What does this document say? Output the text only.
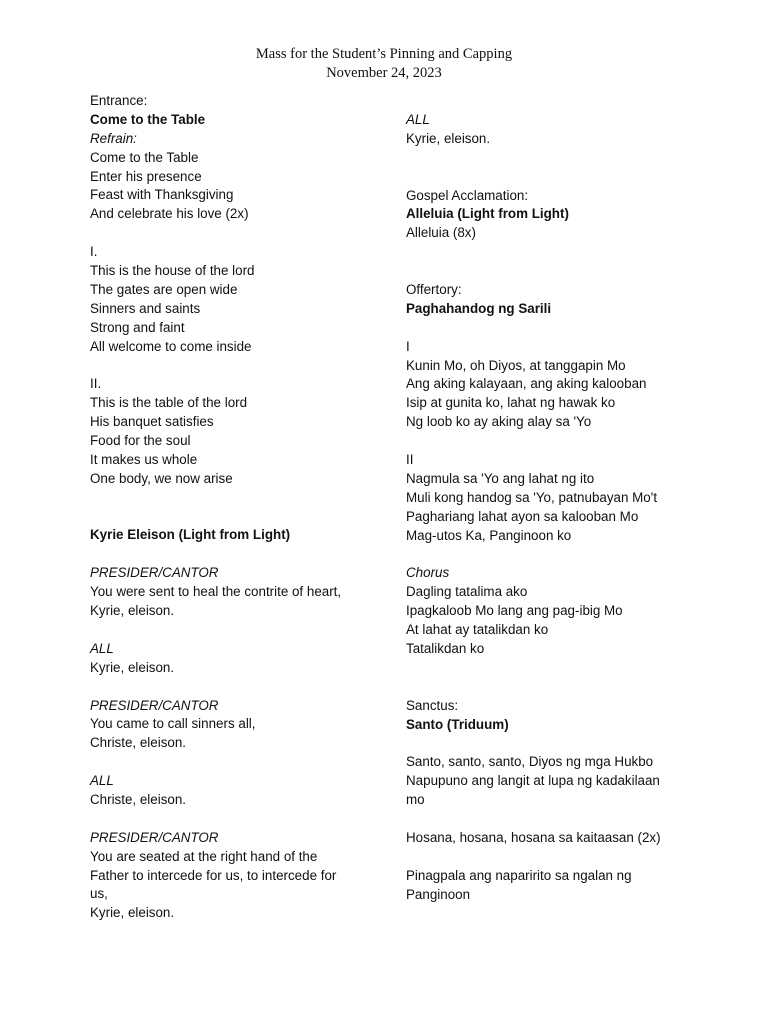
Mass for the Student’s Pinning and Capping
November 24, 2023
Entrance:
Come to the Table
Refrain:
Come to the Table
Enter his presence
Feast with Thanksgiving
And celebrate his love (2x)
I.
This is the house of the lord
The gates are open wide
Sinners and saints
Strong and faint
All welcome to come inside
II.
This is the table of the lord
His banquet satisfies
Food for the soul
It makes us whole
One body, we now arise
Kyrie Eleison (Light from Light)
PRESIDER/CANTOR
You were sent to heal the contrite of heart,
Kyrie, eleison.
ALL
Kyrie, eleison.
PRESIDER/CANTOR
You came to call sinners all,
Christe, eleison.
ALL
Christe, eleison.
PRESIDER/CANTOR
You are seated at the right hand of the
Father to intercede for us, to intercede for
us,
Kyrie, eleison.
ALL
Kyrie, eleison.
Gospel Acclamation:
Alleluia (Light from Light)
Alleluia (8x)
Offertory:
Paghahandog ng Sarili
I
Kunin Mo, oh Diyos, at tanggapin Mo
Ang aking kalayaan, ang aking kalooban
Isip at gunita ko, lahat ng hawak ko
Ng loob ko ay aking alay sa 'Yo
II
Nagmula sa 'Yo ang lahat ng ito
Muli kong handog sa 'Yo, patnubayan Mo't
Paghariang lahat ayon sa kalooban Mo
Mag-utos Ka, Panginoon ko
Chorus
Dagling tatalima ako
Ipagkaloob Mo lang ang pag-ibig Mo
At lahat ay tatalikdan ko
Tatalikdan ko
Sanctus:
Santo (Triduum)
Santo, santo, santo, Diyos ng mga Hukbo
Napupuno ang langit at lupa ng kadakilaan
mo
Hosana, hosana, hosana sa kaitaasan (2x)
Pinagpala ang naparirito sa ngalan ng
Panginoon
